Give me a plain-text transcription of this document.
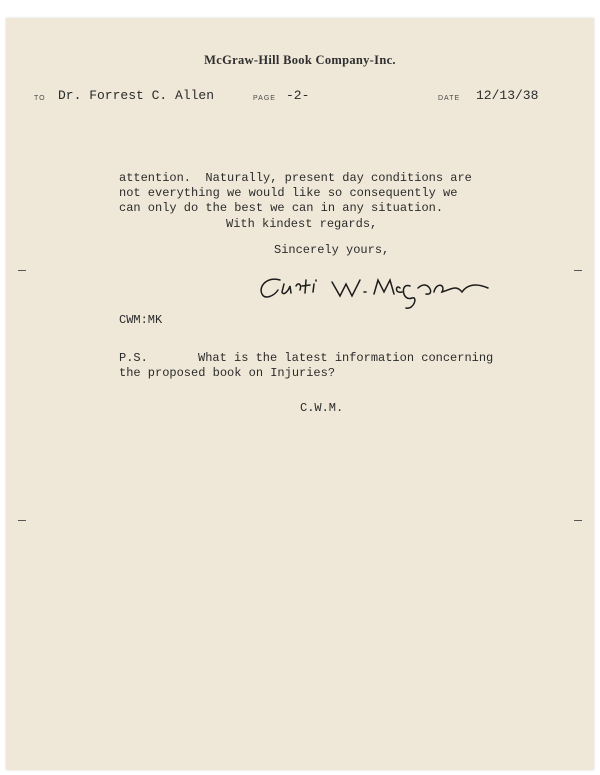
McGraw-Hill Book Company-Inc.
TO Dr. Forrest C. Allen	PAGE -2-	DATE 12/13/38
attention.  Naturally, present day conditions are
not everything we would like so consequently we
can only do the best we can in any situation.
With kindest regards,
Sincerely yours,
CWM:MK
P.S.	What is the latest information concerning
the proposed book on Injuries?
C.W.M.
